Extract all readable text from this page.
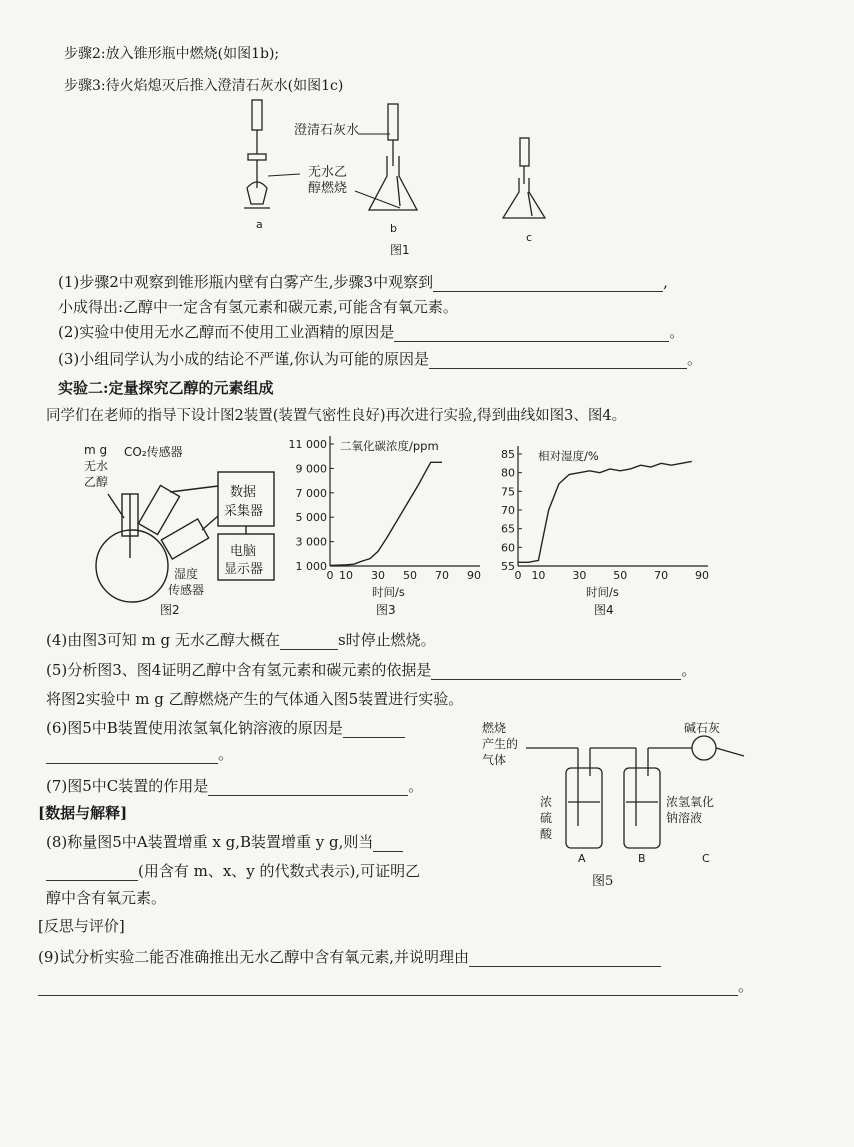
步骤2:放入锥形瓶中燃烧(如图1b);
步骤3:待火焰熄灭后推入澄清石灰水(如图1c)
a
澄清石灰水
无水乙
醇燃烧
b
c
图1
(1)步骤2中观察到锥形瓶内壁有白雾产生,步骤3中观察到	,
小成得出:乙醇中一定含有氢元素和碳元素,可能含有氧元素。
(2)实验中使用无水乙醇而不使用工业酒精的原因是	。
(3)小组同学认为小成的结论不严谨,你认为可能的原因是	。
实验二:定量探究乙醇的元素组成
同学们在老师的指导下设计图2装置(装置气密性良好)再次进行实验,得到曲线如图3、图4。
m g
无水
乙醇
CO₂传感器
数据
采集器
电脑
显示器
湿度
传感器
图2
二氧化碳浓度/ppm
时间/s
图3
0 10 30 50 70 90
1 000
3 000
5 000
7 000
9 000
11 000
相对湿度/%
时间/s
图4
0 10 30 50 70 90
55
60
65
70
75
80
85
(4)由图3可知 m g 无水乙醇大概在	s时停止燃烧。
(5)分析图3、图4证明乙醇中含有氢元素和碳元素的依据是	。
将图2实验中 m g 乙醇燃烧产生的气体通入图5装置进行实验。
(6)图5中B装置使用浓氢氧化钠溶液的原因是
。
(7)图5中C装置的作用是	。
[数据与解释]
(8)称量图5中A装置增重 x g,B装置增重 y g,则当
(用含有 m、x、y 的代数式表示),可证明乙
醇中含有氧元素。
[反思与评价]
(9)试分析实验二能否准确推出无水乙醇中含有氧元素,并说明理由
。
燃烧
产生的
气体
碱石灰
浓
硫
酸
浓氢氧化
钠溶液
A	B	C
图5
